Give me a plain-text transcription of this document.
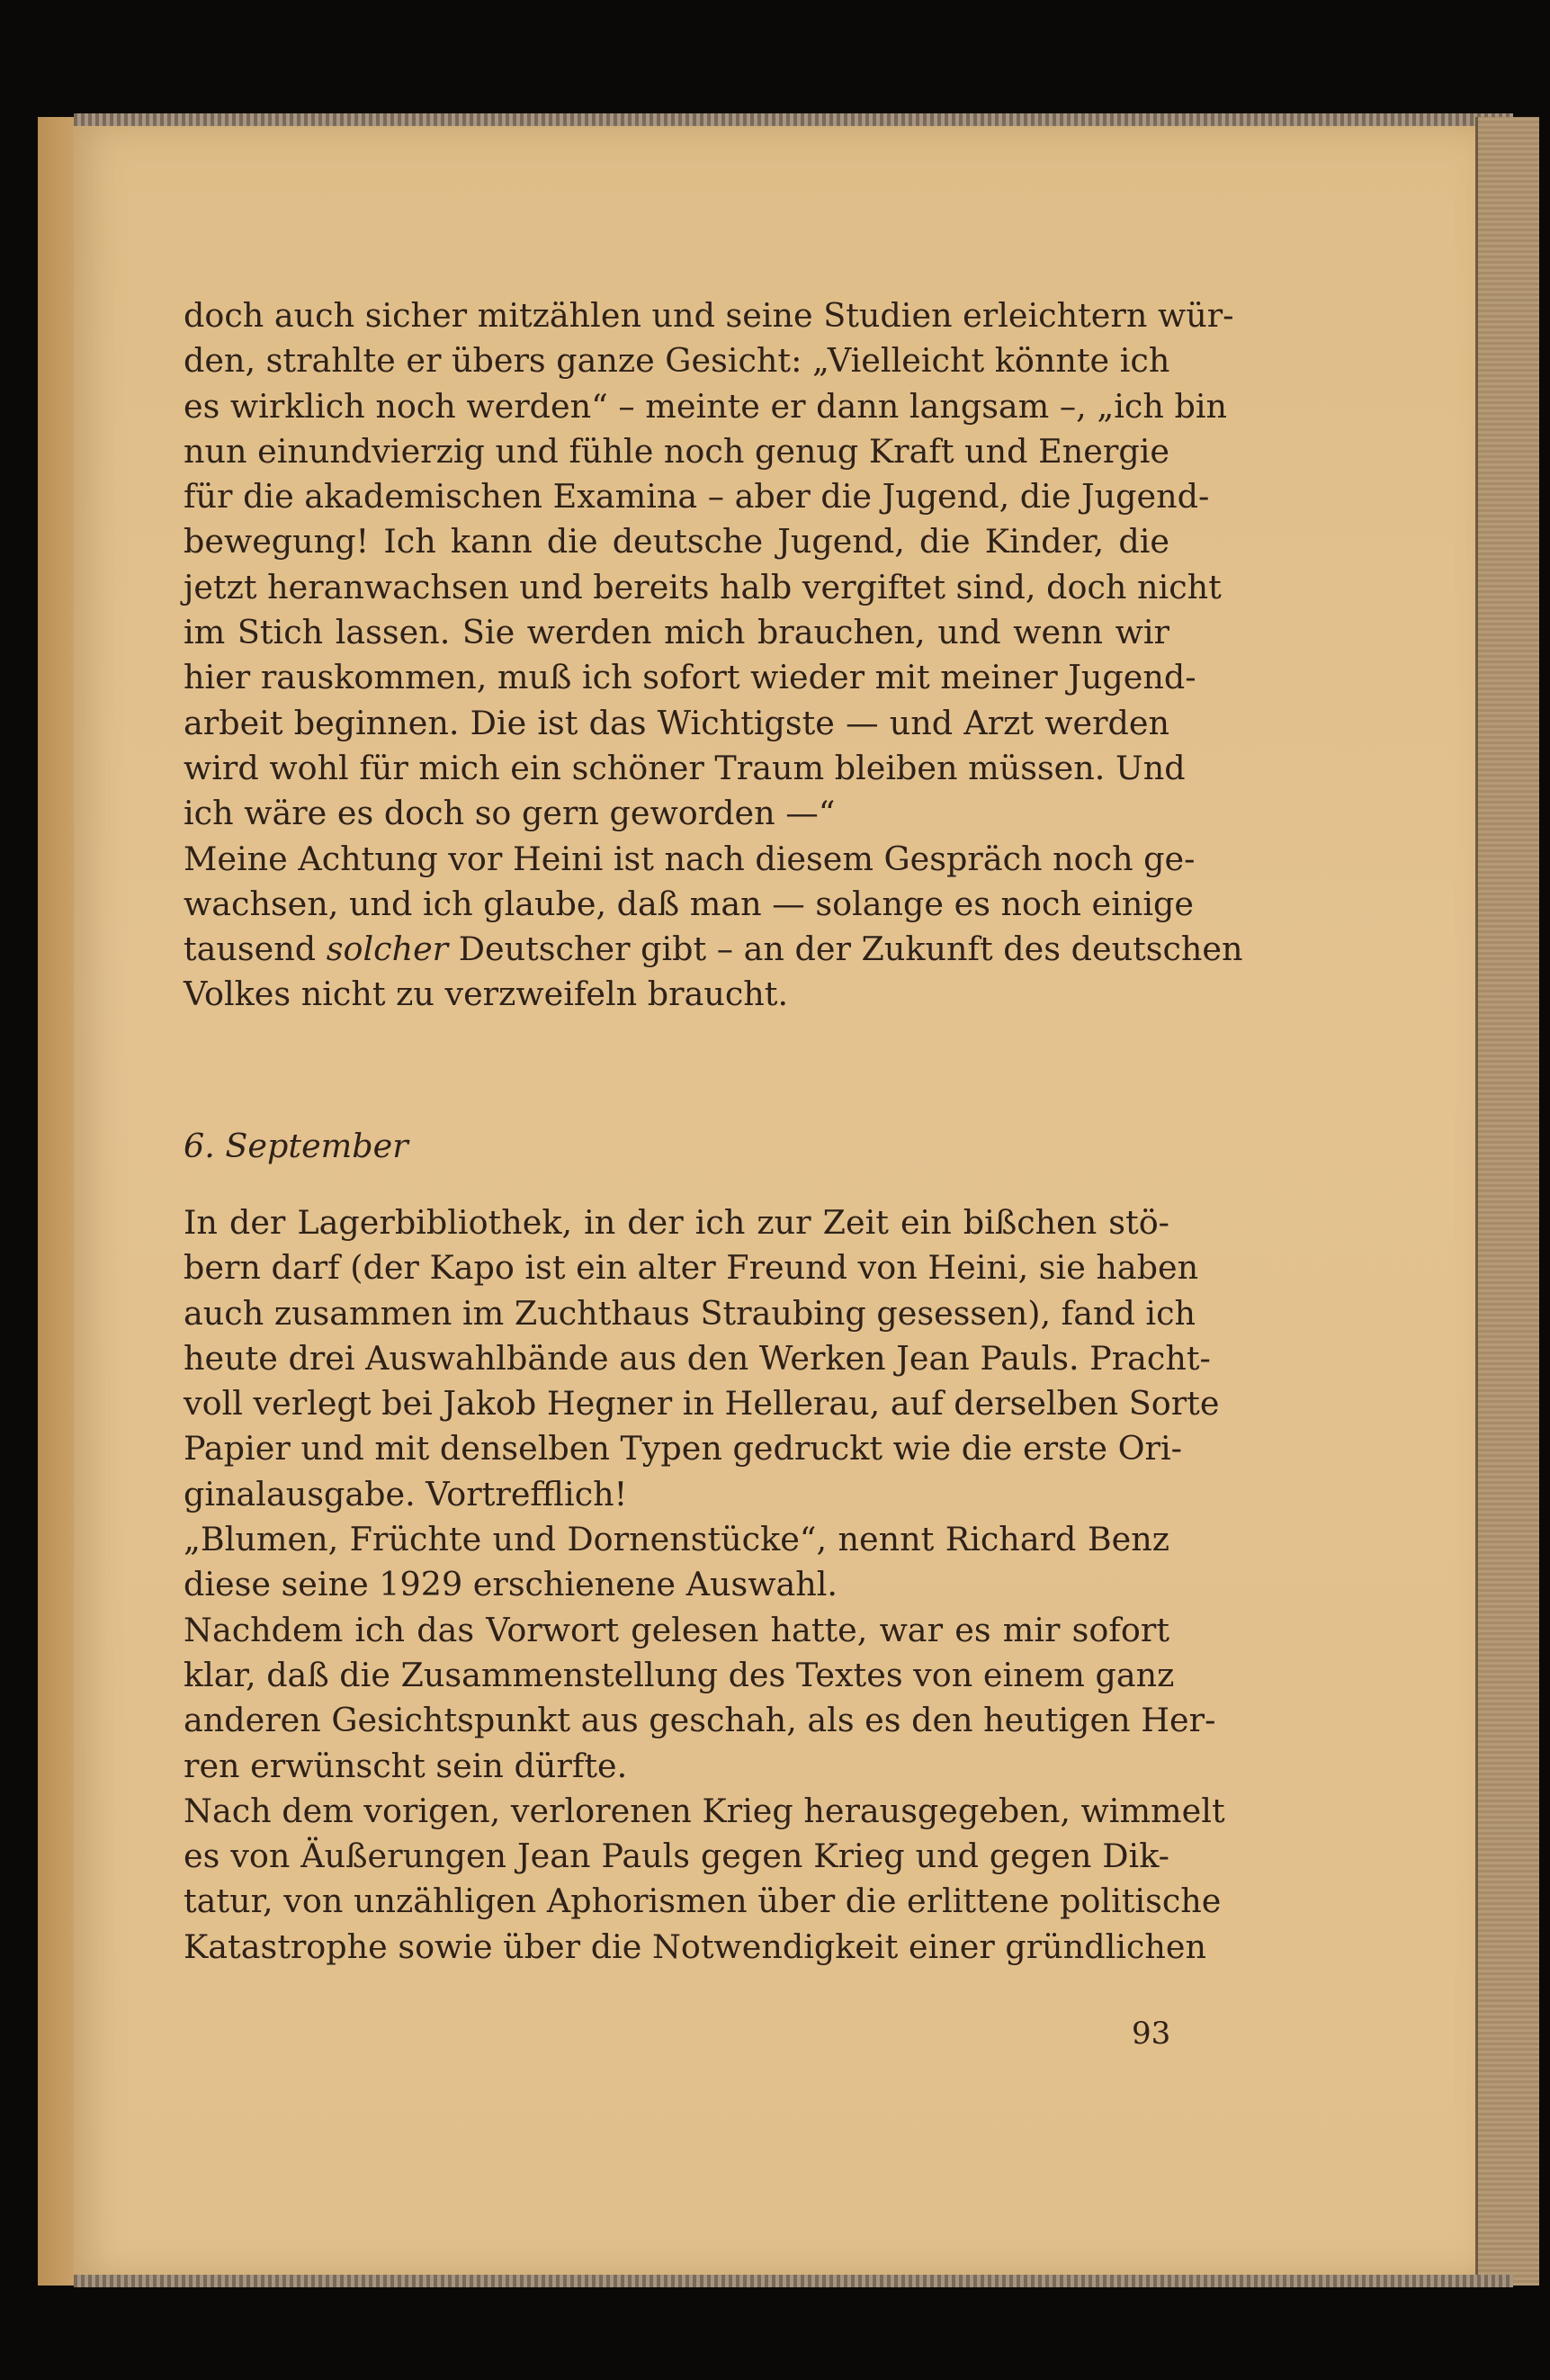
doch auch sicher mitzählen und seine Studien erleichtern wür-
den, strahlte er übers ganze Gesicht: „Vielleicht könnte ich
es wirklich noch werden“ – meinte er dann langsam –, „ich bin
nun einundvierzig und fühle noch genug Kraft und Energie
für die akademischen Examina – aber die Jugend, die Jugend-
bewegung! Ich kann die deutsche Jugend, die Kinder, die
jetzt heranwachsen und bereits halb vergiftet sind, doch nicht
im Stich lassen. Sie werden mich brauchen, und wenn wir
hier rauskommen, muß ich sofort wieder mit meiner Jugend-
arbeit beginnen. Die ist das Wichtigste — und Arzt werden
wird wohl für mich ein schöner Traum bleiben müssen. Und
ich wäre es doch so gern geworden —“
Meine Achtung vor Heini ist nach diesem Gespräch noch ge-
wachsen, und ich glaube, daß man — solange es noch einige
tausend solcher Deutscher gibt – an der Zukunft des deutschen
Volkes nicht zu verzweifeln braucht.
6. September
In der Lagerbibliothek, in der ich zur Zeit ein bißchen stö-
bern darf (der Kapo ist ein alter Freund von Heini, sie haben
auch zusammen im Zuchthaus Straubing gesessen), fand ich
heute drei Auswahlbände aus den Werken Jean Pauls. Pracht-
voll verlegt bei Jakob Hegner in Hellerau, auf derselben Sorte
Papier und mit denselben Typen gedruckt wie die erste Ori-
ginalausgabe. Vortrefflich!
„Blumen, Früchte und Dornenstücke“, nennt Richard Benz
diese seine 1929 erschienene Auswahl.
Nachdem ich das Vorwort gelesen hatte, war es mir sofort
klar, daß die Zusammenstellung des Textes von einem ganz
anderen Gesichtspunkt aus geschah, als es den heutigen Her-
ren erwünscht sein dürfte.
Nach dem vorigen, verlorenen Krieg herausgegeben, wimmelt
es von Äußerungen Jean Pauls gegen Krieg und gegen Dik-
tatur, von unzähligen Aphorismen über die erlittene politische
Katastrophe sowie über die Notwendigkeit einer gründlichen
93
